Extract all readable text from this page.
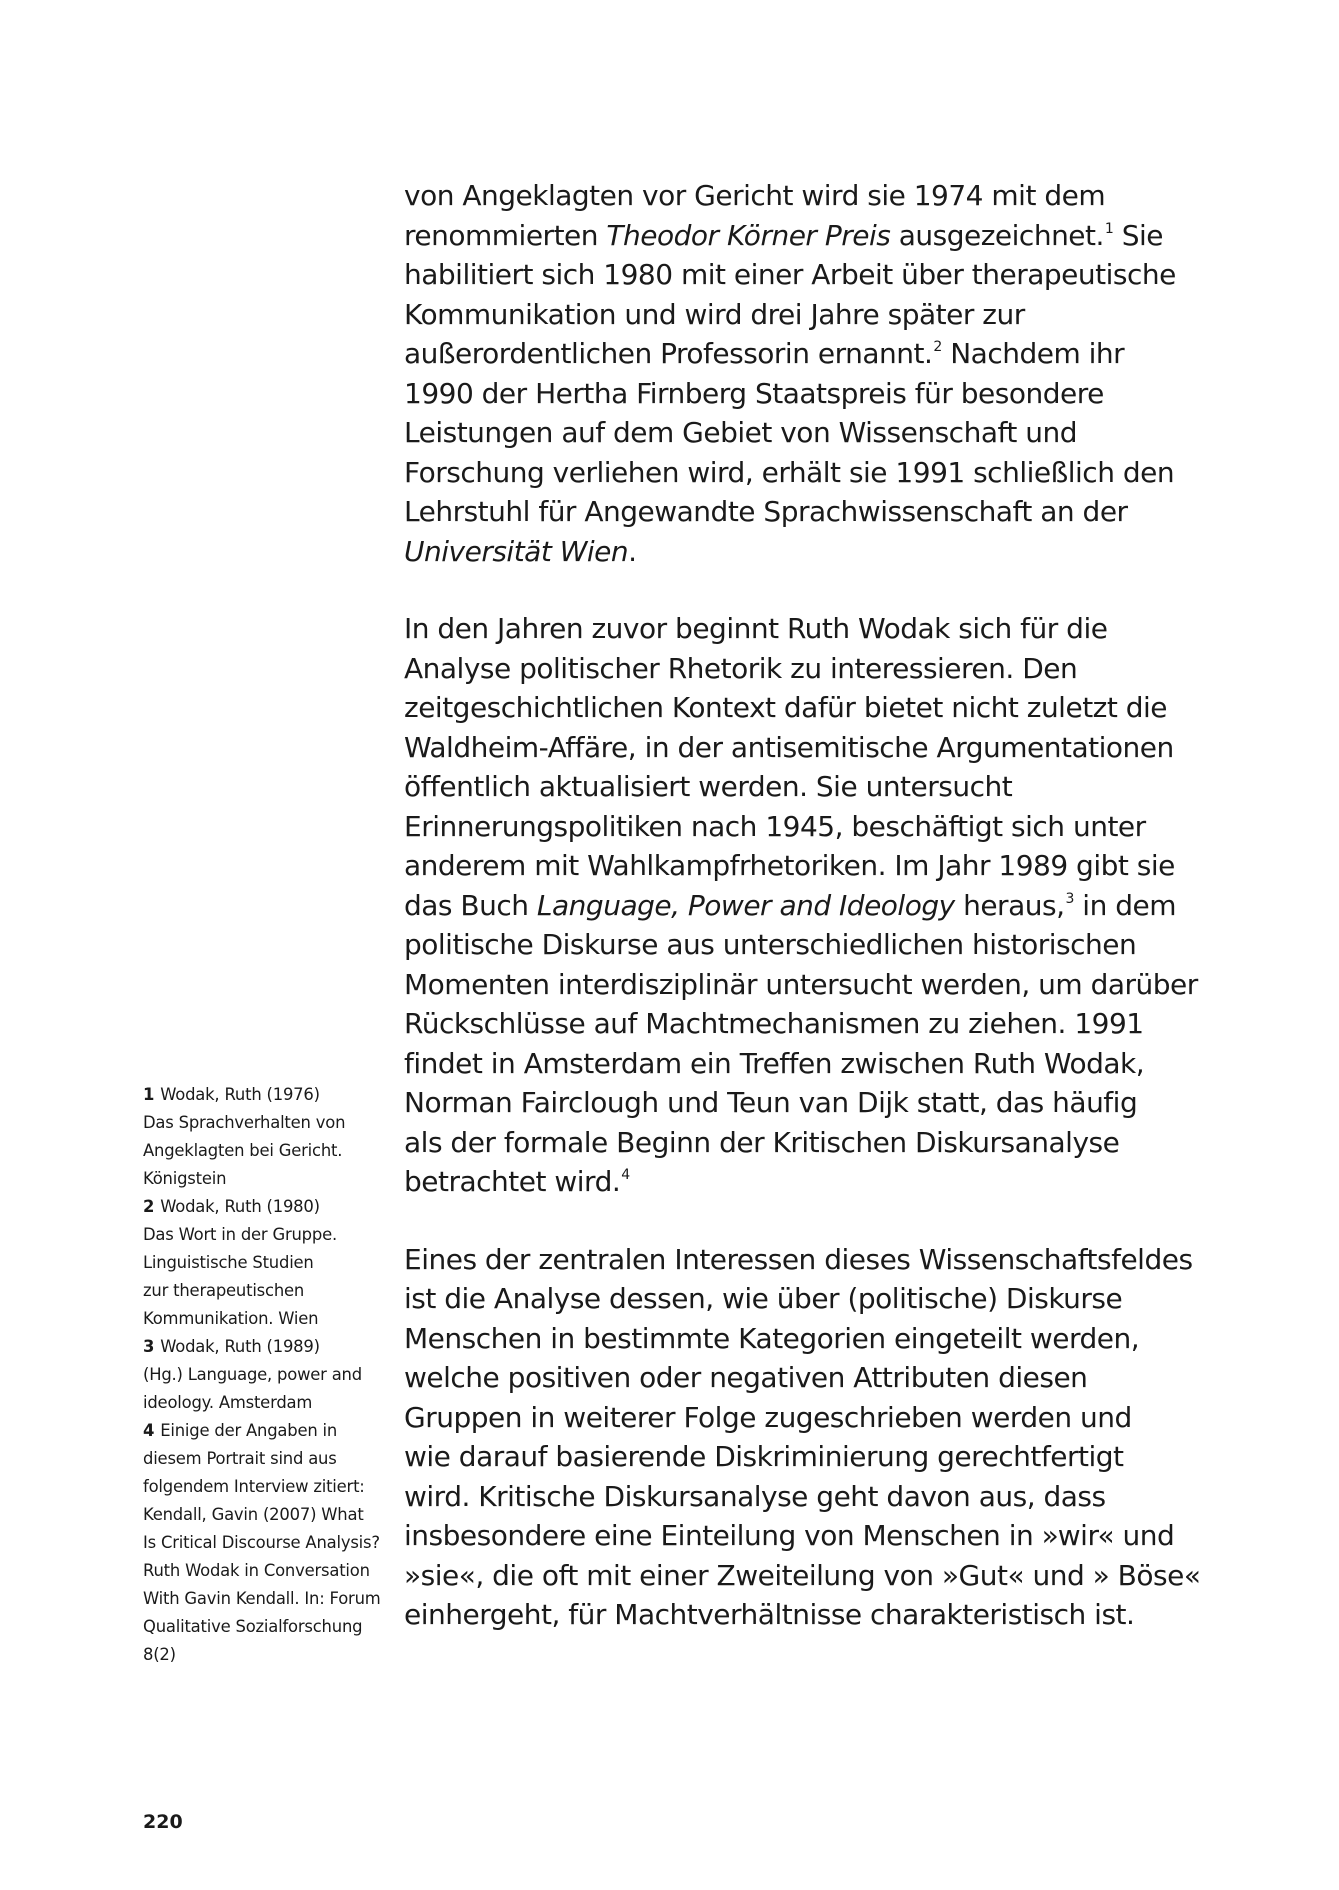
von Angeklagten vor Gericht wird sie 1974 mit dem
renommierten Theodor Körner Preis ausgezeichnet.$^1$ Sie
habilitiert sich 1980 mit einer Arbeit über therapeutische
Kommunikation und wird drei Jahre später zur
außerordentlichen Professorin ernannt.$^2$ Nachdem ihr
1990 der Hertha Firnberg Staatspreis für besondere
Leistungen auf dem Gebiet von Wissenschaft und
Forschung verliehen wird, erhält sie 1991 schließlich den
Lehrstuhl für Angewandte Sprachwissenschaft an der
Universität Wien.

In den Jahren zuvor beginnt Ruth Wodak sich für die
Analyse politischer Rhetorik zu interessieren. Den
zeitgeschichtlichen Kontext dafür bietet nicht zuletzt die
Waldheim-Affäre, in der antisemitische Argumentationen
öffentlich aktualisiert werden. Sie untersucht
Erinnerungspolitiken nach 1945, beschäftigt sich unter
anderem mit Wahlkampfrhetoriken. Im Jahr 1989 gibt sie
das Buch Language, Power and Ideology heraus,$^3$ in dem
politische Diskurse aus unterschiedlichen historischen
Momenten interdisziplinär untersucht werden, um darüber
Rückschlüsse auf Machtmechanismen zu ziehen. 1991
findet in Amsterdam ein Treffen zwischen Ruth Wodak,
Norman Fairclough und Teun van Dijk statt, das häufig
als der formale Beginn der Kritischen Diskursanalyse
betrachtet wird.$^4$

Eines der zentralen Interessen dieses Wissenschaftsfeldes
ist die Analyse dessen, wie über (politische) Diskurse
Menschen in bestimmte Kategorien eingeteilt werden,
welche positiven oder negativen Attributen diesen
Gruppen in weiterer Folge zugeschrieben werden und
wie darauf basierende Diskriminierung gerechtfertigt
wird. Kritische Diskursanalyse geht davon aus, dass
insbesondere eine Einteilung von Menschen in »wir« und
»sie«, die oft mit einer Zweiteilung von »Gut« und » Böse«
einhergeht, für Machtverhältnisse charakteristisch ist.

1 Wodak, Ruth (1976)
Das Sprachverhalten von
Angeklagten bei Gericht.
Königstein
2 Wodak, Ruth (1980)
Das Wort in der Gruppe.
Linguistische Studien
zur therapeutischen
Kommunikation. Wien
3 Wodak, Ruth (1989)
(Hg.) Language, power and
ideology. Amsterdam
4 Einige der Angaben in
diesem Portrait sind aus
folgendem Interview zitiert:
Kendall, Gavin (2007) What
Is Critical Discourse Analysis?
Ruth Wodak in Conversation
With Gavin Kendall. In: Forum
Qualitative Sozialforschung
8(2)
220
